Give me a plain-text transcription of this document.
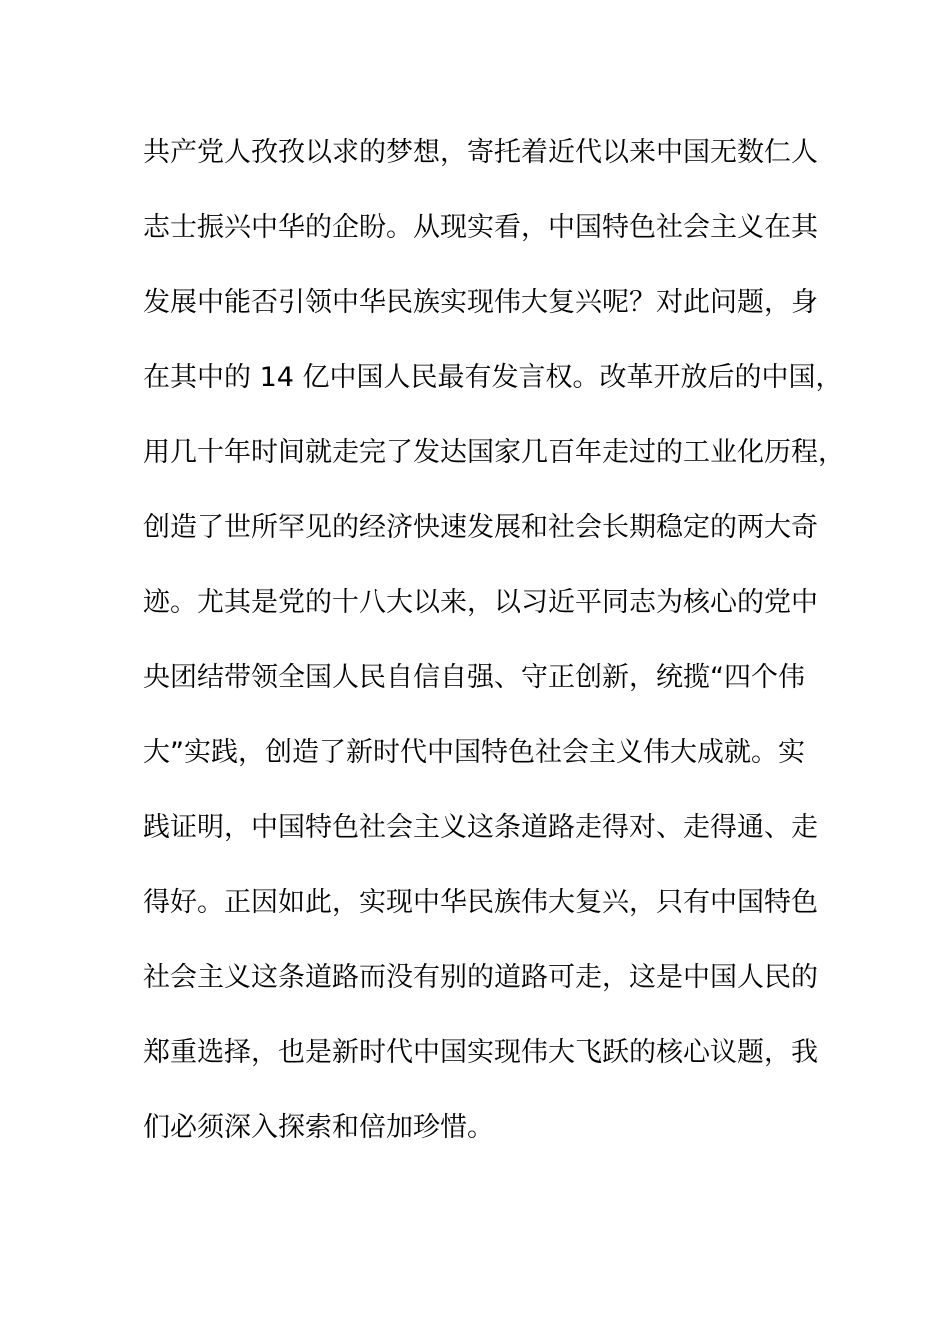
共产党人孜孜以求的梦想，寄托着近代以来中国无数仁人
志士振兴中华的企盼。从现实看，中国特色社会主义在其
发展中能否引领中华民族实现伟大复兴呢？对此问题，身
在其中的 14 亿中国人民最有发言权。改革开放后的中国，
用几十年时间就走完了发达国家几百年走过的工业化历程，
创造了世所罕见的经济快速发展和社会长期稳定的两大奇
迹。尤其是党的十八大以来，以习近平同志为核心的党中
央团结带领全国人民自信自强、守正创新，统揽“四个伟
大”实践，创造了新时代中国特色社会主义伟大成就。实
践证明，中国特色社会主义这条道路走得对、走得通、走
得好。正因如此，实现中华民族伟大复兴，只有中国特色
社会主义这条道路而没有别的道路可走，这是中国人民的
郑重选择，也是新时代中国实现伟大飞跃的核心议题，我
们必须深入探索和倍加珍惜。
